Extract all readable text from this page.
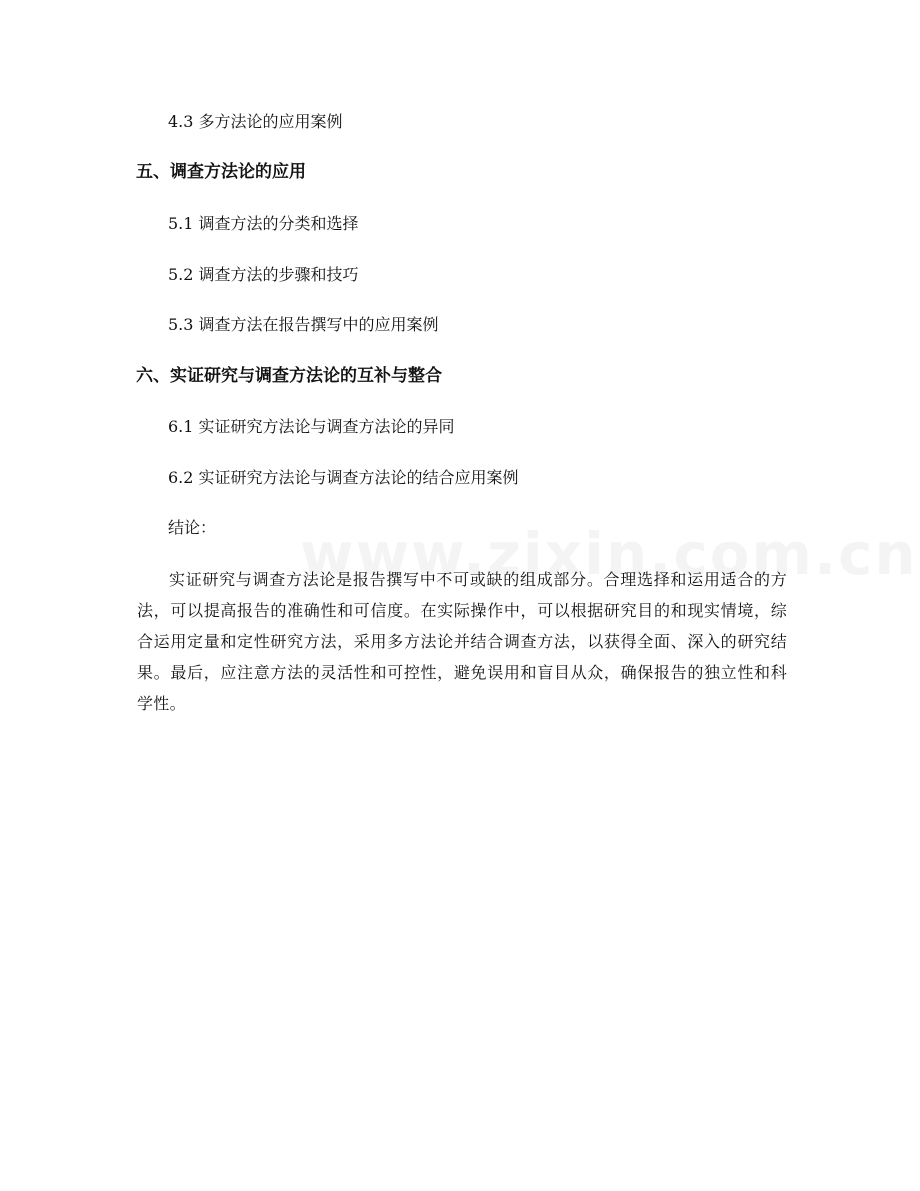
4.3 多方法论的应用案例
五、调查方法论的应用
5.1 调查方法的分类和选择
5.2 调查方法的步骤和技巧
5.3 调查方法在报告撰写中的应用案例
六、实证研究与调查方法论的互补与整合
6.1 实证研究方法论与调查方法论的异同
6.2 实证研究方法论与调查方法论的结合应用案例
结论：
实证研究与调查方法论是报告撰写中不可或缺的组成部分。合理选择和运用适合的方法，可以提高报告的准确性和可信度。在实际操作中，可以根据研究目的和现实情境，综合运用定量和定性研究方法，采用多方法论并结合调查方法，以获得全面、深入的研究结果。最后，应注意方法的灵活性和可控性，避免误用和盲目从众，确保报告的独立性和科学性。
